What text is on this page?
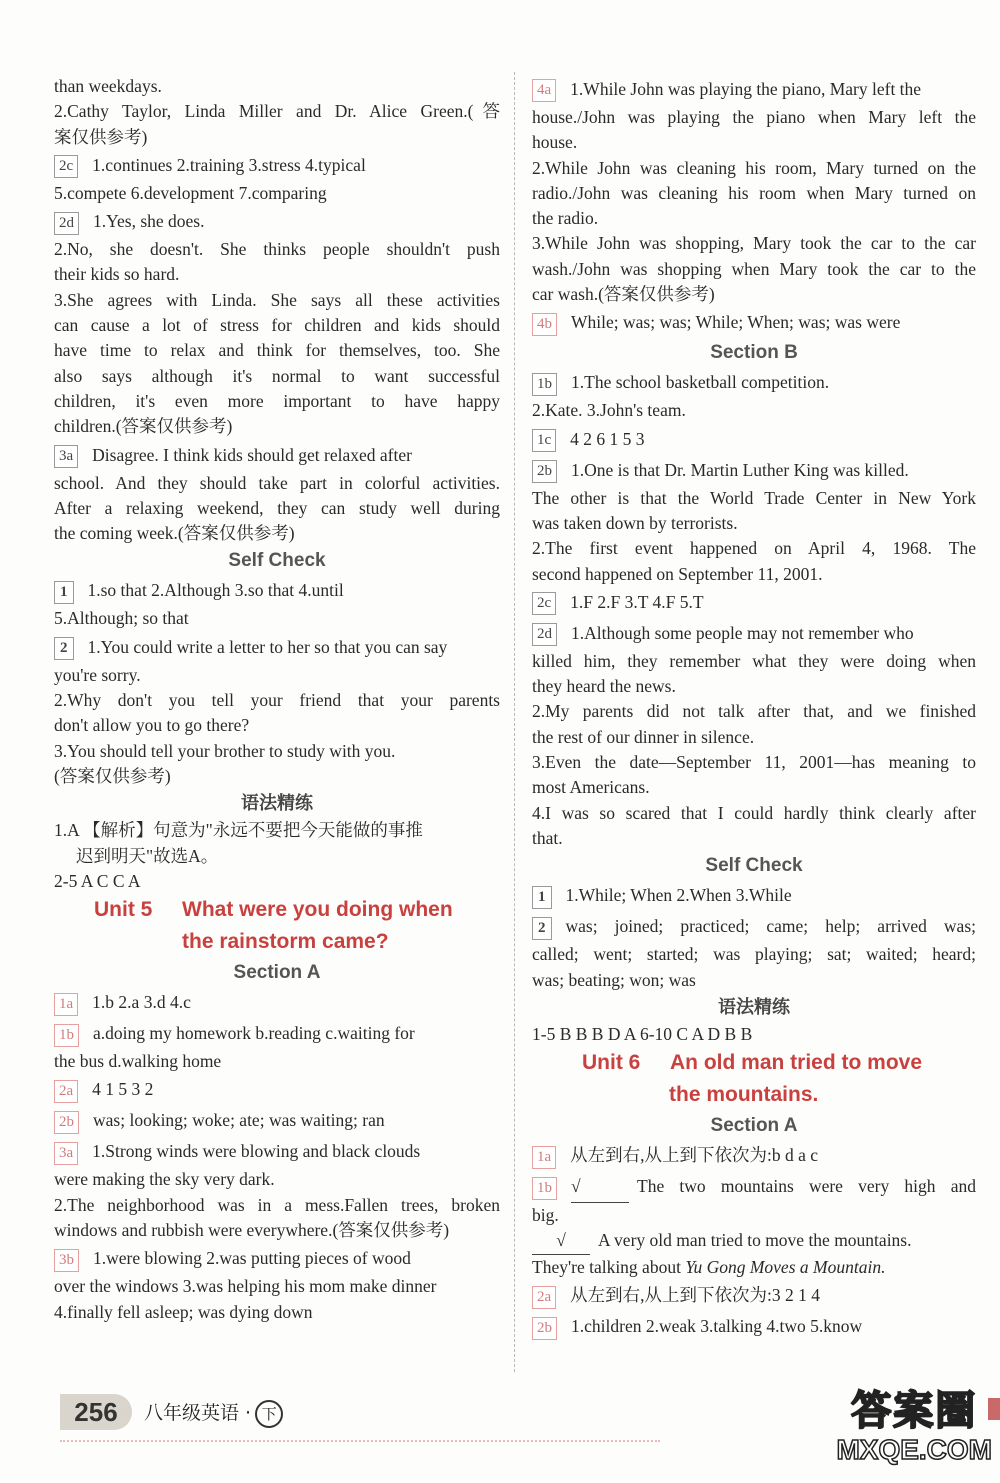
than weekdays.

2.Cathy Taylor, Linda Miller and Dr. Alice Green.(答

案仅供参考)

2c 1.continues 2.training 3.stress 4.typical

5.compete 6.development 7.comparing

2d 1.Yes, she does.

2.No, she doesn't. She thinks people shouldn't push

their kids so hard.

3.She agrees with Linda. She says all these activities

can cause a lot of stress for children and kids should

have time to relax and think for themselves, too. She

also says although it's normal to want successful

children, it's even more important to have happy

children.(答案仅供参考)

3a Disagree. I think kids should get relaxed after

school. And they should take part in colorful activities.

After a relaxing weekend, they can study well during

the coming week.(答案仅供参考)

Self Check

1 1.so that 2.Although 3.so that 4.until

5.Although; so that

2 1.You could write a letter to her so that you can say

you're sorry.

2.Why don't you tell your friend that your parents

don't allow you to go there?

3.You should tell your brother to study with you.

(答案仅供参考)

语法精练

1.A 【解析】句意为"永远不要把今天能做的事推

迟到明天"故选A。

2-5 A C C A

Unit 5 What were you doing when

the rainstorm came?

Section A

1a 1.b 2.a 3.d 4.c

1b a.doing my homework b.reading c.waiting for

the bus d.walking home

2a 4 1 5 3 2

2b was; looking; woke; ate; was waiting; ran

3a 1.Strong winds were blowing and black clouds

were making the sky very dark.

2.The neighborhood was in a mess.Fallen trees, broken

windows and rubbish were everywhere.(答案仅供参考)

3b 1.were blowing 2.was putting pieces of wood

over the windows 3.was helping his mom make dinner

4.finally fell asleep; was dying down

4a 1.While John was playing the piano, Mary left the

house./John was playing the piano when Mary left the

house.

2.While John was cleaning his room, Mary turned on the

radio./John was cleaning his room when Mary turned on

the radio.

3.While John was shopping, Mary took the car to the car

wash./John was shopping when Mary took the car to the

car wash.(答案仅供参考)

4b While; was; was; While; When; was; was were

Section B

1b 1.The school basketball competition.

2.Kate. 3.John's team.

1c 4 2 6 1 5 3

2b 1.One is that Dr. Martin Luther King was killed.

The other is that the World Trade Center in New York

was taken down by terrorists.

2.The first event happened on April 4, 1968. The

second happened on September 11, 2001.

2c 1.F 2.F 3.T 4.F 5.T

2d 1.Although some people may not remember who

killed him, they remember what they were doing when

they heard the news.

2.My parents did not talk after that, and we finished

the rest of our dinner in silence.

3.Even the date—September 11, 2001—has meaning to

most Americans.

4.I was so scared that I could hardly think clearly after

that.

Self Check

1 1.While; When 2.When 3.While

2 was; joined; practiced; came; help; arrived was;

called; went; started; was playing; sat; waited; heard;

was; beating; won; was

语法精练

1-5 B B B D A 6-10 C A D B B

Unit 6 An old man tried to move

the mountains.

Section A

1a 从左到右,从上到下依次为:b d a c

1b √	The two mountains were very high and

big.

√ A very old man tried to move the mountains.

They're talking about Yu Gong Moves a Mountain.

2a 从左到右,从上到下依次为:3 2 1 4

2b 1.children 2.weak 3.talking 4.two 5.know

256	八年级英语 · 下	答案圈
MXQE.COM
